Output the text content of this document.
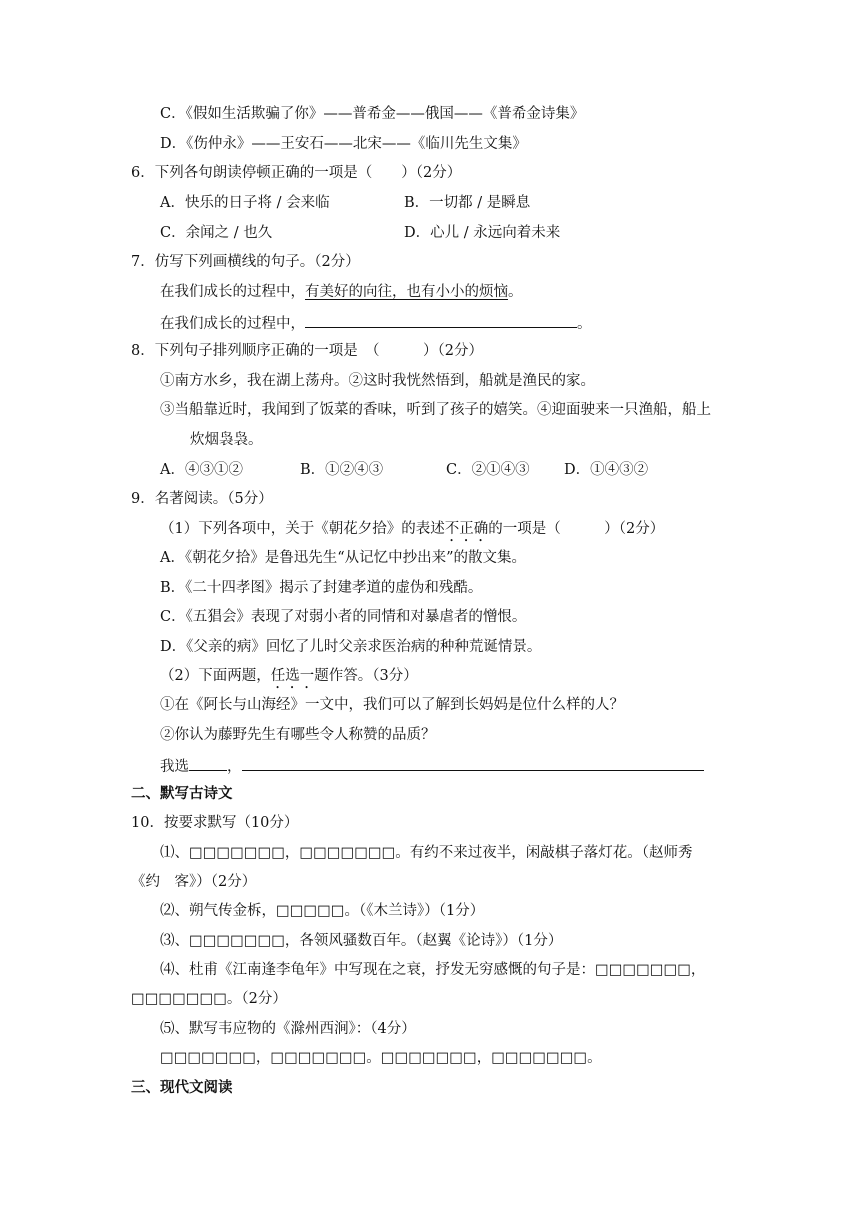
C．《假如生活欺骗了你》——普希金——俄国——《普希金诗集》
D．《伤仲永》——王安石——北宋——《临川先生文集》
6．下列各句朗读停顿正确的一项是（　　）（2分）
A．快乐的日子将 / 会来临	B．一切都 / 是瞬息
C．余闻之 / 也久	D．心儿 / 永远向着未来
7．仿写下列画横线的句子。（2分）
在我们成长的过程中，有美好的向往，也有小小的烦恼。
在我们成长的过程中，	。
8．下列句子排列顺序正确的一项是　（　　　）（2分）
①南方水乡，我在湖上荡舟。②这时我恍然悟到，船就是渔民的家。
③当船靠近时，我闻到了饭菜的香味，听到了孩子的嬉笑。④迎面驶来一只渔船，船上
炊烟袅袅。
A．④③①②	B．①②④③	C．②①④③ D．①④③②
9．名著阅读。（5分）
（1）下列各项中，关于《朝花夕拾》的表述不正确的一项是（　　　）（2分）
A．《朝花夕拾》是鲁迅先生“从记忆中抄出来”的散文集。
B．《二十四孝图》揭示了封建孝道的虚伪和残酷。
C．《五猖会》表现了对弱小者的同情和对暴虐者的憎恨。
D．《父亲的病》回忆了儿时父亲求医治病的种种荒诞情景。
（2）下面两题，任选一题作答。（3分）
①在《阿长与山海经》一文中，我们可以了解到长妈妈是位什么样的人？
②你认为藤野先生有哪些令人称赞的品质？
我选	，
二、默写古诗文
10．按要求默写（10分）
⑴、□□□□□□□，□□□□□□□。有约不来过夜半，闲敲棋子落灯花。（赵师秀
《约　客》）（2分）
⑵、朔气传金柝，□□□□□。（《木兰诗》）（1分）
⑶、□□□□□□□，各领风骚数百年。（赵翼《论诗》）（1分）
⑷、杜甫《江南逢李龟年》中写现在之衰，抒发无穷感慨的句子是：□□□□□□□，
□□□□□□□。（2分）
⑸、默写韦应物的《滁州西涧》：（4分）
□□□□□□□，□□□□□□□。□□□□□□□，□□□□□□□。
三、现代文阅读
